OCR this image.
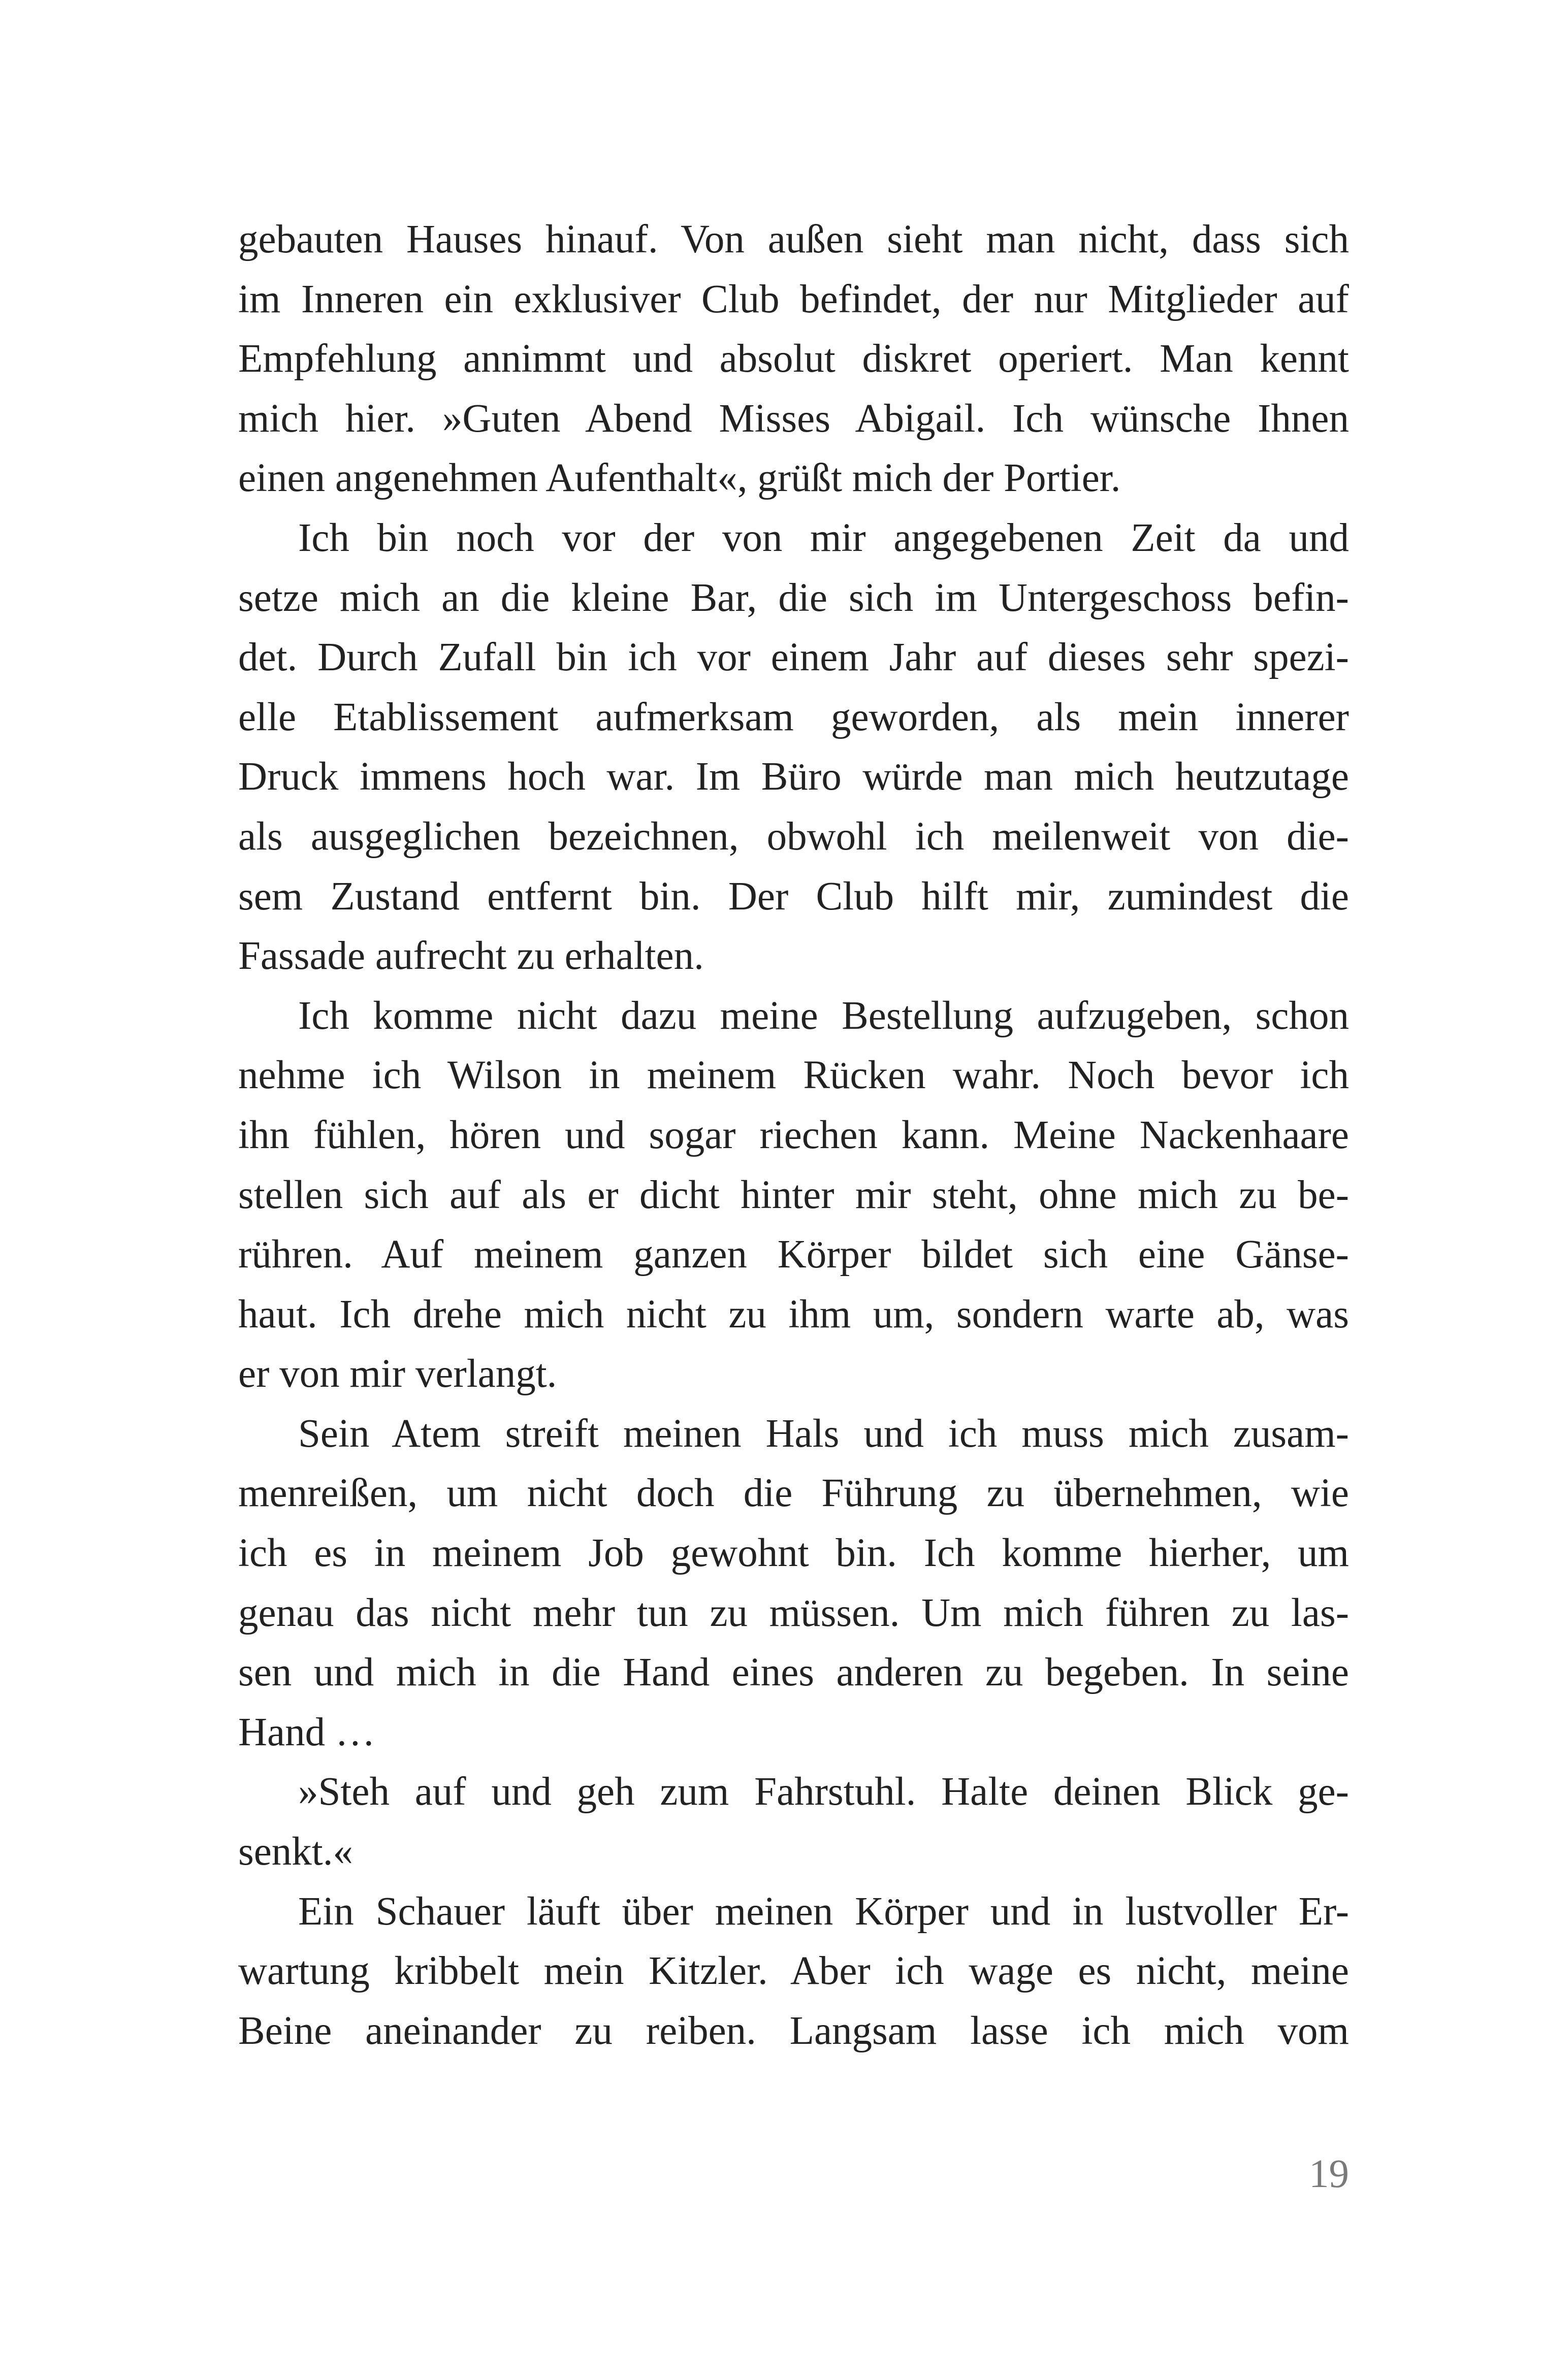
gebauten Hauses hinauf. Von außen sieht man nicht, dass sich
im Inneren ein exklusiver Club befindet, der nur Mitglieder auf
Empfehlung annimmt und absolut diskret operiert. Man kennt
mich hier. »Guten Abend Misses Abigail. Ich wünsche Ihnen
einen angenehmen Aufenthalt«, grüßt mich der Portier.
Ich bin noch vor der von mir angegebenen Zeit da und
setze mich an die kleine Bar, die sich im Untergeschoss befin-
det. Durch Zufall bin ich vor einem Jahr auf dieses sehr spezi-
elle Etablissement aufmerksam geworden, als mein innerer
Druck immens hoch war. Im Büro würde man mich heutzutage
als ausgeglichen bezeichnen, obwohl ich meilenweit von die-
sem Zustand entfernt bin. Der Club hilft mir, zumindest die
Fassade aufrecht zu erhalten.
Ich komme nicht dazu meine Bestellung aufzugeben, schon
nehme ich Wilson in meinem Rücken wahr. Noch bevor ich
ihn fühlen, hören und sogar riechen kann. Meine Nackenhaare
stellen sich auf als er dicht hinter mir steht, ohne mich zu be-
rühren. Auf meinem ganzen Körper bildet sich eine Gänse-
haut. Ich drehe mich nicht zu ihm um, sondern warte ab, was
er von mir verlangt.
Sein Atem streift meinen Hals und ich muss mich zusam-
menreißen, um nicht doch die Führung zu übernehmen, wie
ich es in meinem Job gewohnt bin. Ich komme hierher, um
genau das nicht mehr tun zu müssen. Um mich führen zu las-
sen und mich in die Hand eines anderen zu begeben. In seine
Hand …
»Steh auf und geh zum Fahrstuhl. Halte deinen Blick ge-
senkt.«
Ein Schauer läuft über meinen Körper und in lustvoller Er-
wartung kribbelt mein Kitzler. Aber ich wage es nicht, meine
Beine aneinander zu reiben. Langsam lasse ich mich vom
19
